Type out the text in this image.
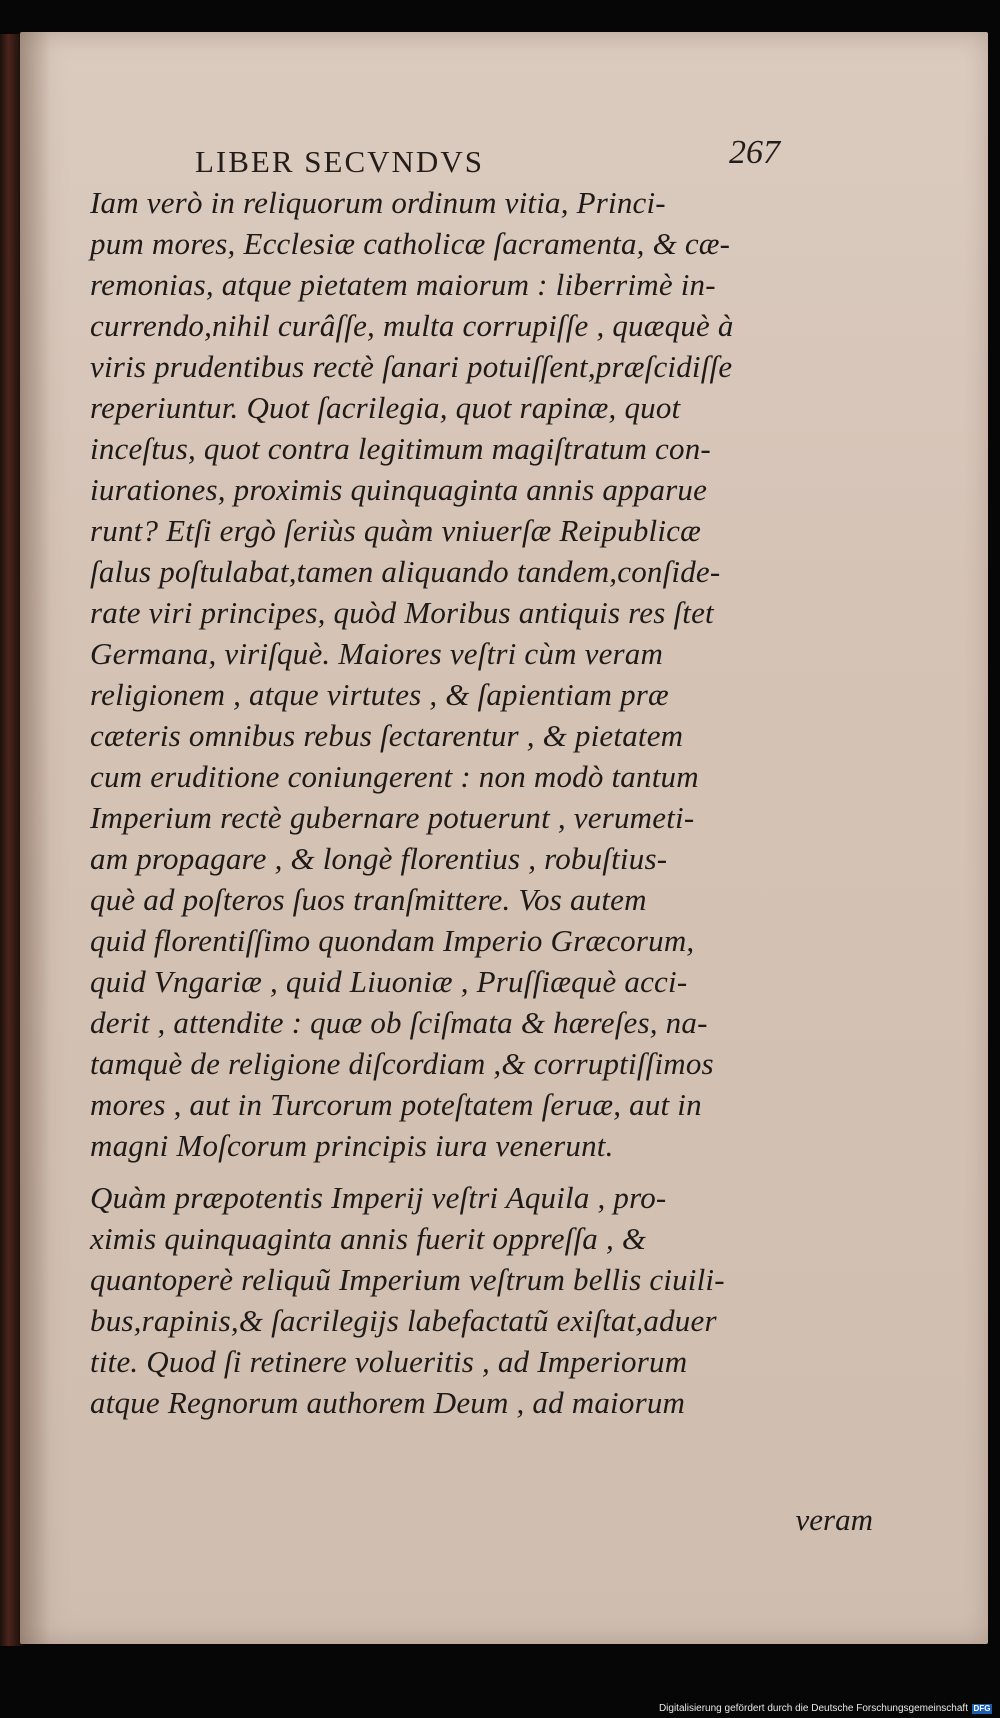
LIBER SECVNDVS	267
Iam verò in reliquorum ordinum vitia, Princi-
pum mores, Ecclesiæ catholicæ ſacramenta, & cæ-
remonias, atque pietatem maiorum : liberrimè in-
currendo,nihil curâſſe, multa corrupiſſe , quæquè à
viris prudentibus rectè ſanari potuiſſent,præſcidiſſe
reperiuntur. Quot ſacrilegia, quot rapinæ, quot
inceſtus, quot contra legitimum magiſtratum con-
iurationes, proximis quinquaginta annis apparue
runt? Etſi ergò ſeriùs quàm vniuerſæ Reipublicæ
ſalus poſtulabat,tamen aliquando tandem,conſide-
rate viri principes, quòd Moribus antiquis res ſtet
Germana, viriſquè. Maiores veſtri cùm veram
religionem , atque virtutes , & ſapientiam præ
cæteris omnibus rebus ſectarentur , & pietatem
cum eruditione coniungerent : non modò tantum
Imperium rectè gubernare potuerunt , verumeti-
am propagare , & longè florentius , robuſtius-
què ad poſteros ſuos tranſmittere. Vos autem
quid florentiſſimo quondam Imperio Græcorum,
quid Vngariæ , quid Liuoniæ , Pruſſiæquè acci-
derit , attendite : quæ ob ſciſmata & hæreſes, na-
tamquè de religione diſcordiam ,& corruptiſſimos
mores , aut in Turcorum poteſtatem ſeruæ, aut in
magni Moſcorum principis iura venerunt.
Quàm præpotentis Imperij veſtri Aquila , pro-
ximis quinquaginta annis fuerit oppreſſa , &
quantoperè reliquũ Imperium veſtrum bellis ciuili-
bus,rapinis,& ſacrilegijs labefactatũ exiſtat,aduer
tite. Quod ſi retinere volueritis , ad Imperiorum
atque Regnorum authorem Deum , ad maiorum
veram
Digitalisierung gefördert durch die Deutsche Forschungsgemeinschaft DFG
